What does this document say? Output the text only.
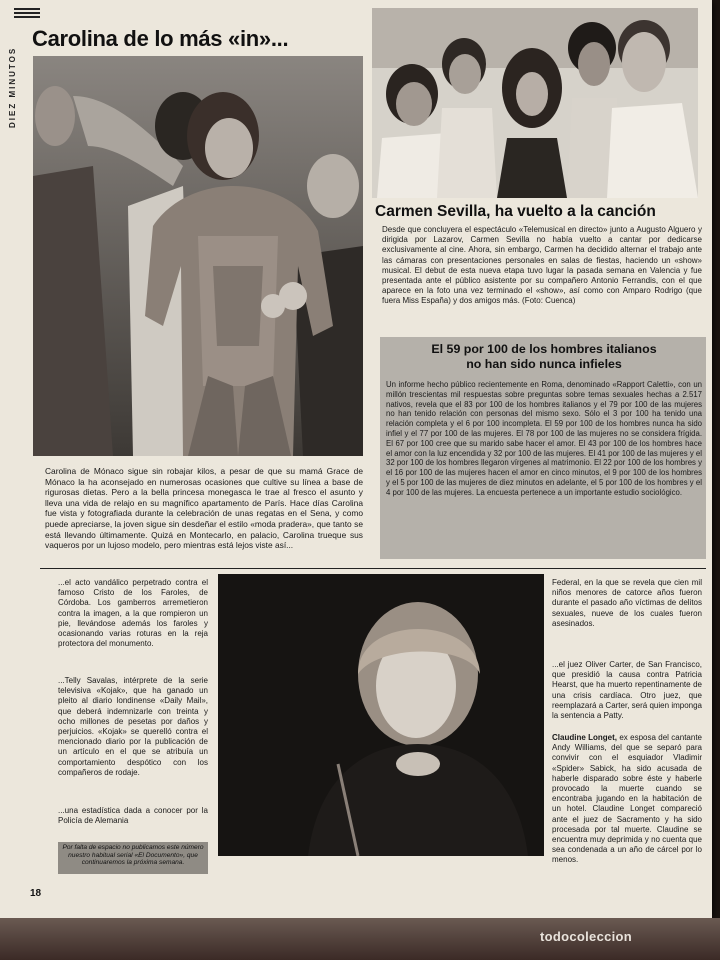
DIEZ MINUTOS
Carolina de lo más «in»...
Carolina de Mónaco sigue sin robajar kilos, a pesar de que su mamá Grace de Mónaco la ha aconsejado en numerosas ocasiones que cultive su línea a base de rigurosas dietas. Pero a la bella princesa monegasca le trae al fresco el asunto y lleva una vida de relajo en su magnífico apartamento de París. Hace días Carolina fue vista y fotografiada durante la celebración de unas regatas en el Sena, y como puede apreciarse, la joven sigue sin desdeñar el estilo «moda pradera», que tanto se está llevando últimamente. Quizá en Montecarlo, en palacio, Carolina trueque sus vaqueros por un lujoso modelo, pero mientras está lejos viste así...
Carmen Sevilla, ha vuelto a la canción
Desde que concluyera el espectáculo «Telemusical en directo» junto a Augusto Alguero y dirigida por Lazarov, Carmen Sevilla no había vuelto a cantar por dedicarse exclusivamente al cine. Ahora, sin embargo, Carmen ha decidido alternar el trabajo ante las cámaras con presentaciones personales en salas de fiestas, haciendo un «show» musical. El debut de esta nueva etapa tuvo lugar la pasada semana en Valencia y fue presentada ante el público asistente por su compañero Antonio Ferrandis, con el que aparece en la foto una vez terminado el «show», así como con Amparo Rodrigo (que fuera Miss España) y dos amigos más. (Foto: Cuenca)
El 59 por 100 de los hombres italianos
no han sido nunca infieles
Un informe hecho público recientemente en Roma, denominado «Rapport Caletti», con un millón trescientas mil respuestas sobre preguntas sobre temas sexuales hechas a 2.517 nativos, revela que el 83 por 100 de los hombres italianos y el 79 por 100 de las mujeres no han tenido relación con personas del mismo sexo. Sólo el 3 por 100 ha tenido una relación completa y el 6 por 100 incompleta. El 59 por 100 de los hombres nunca ha sido infiel y el 77 por 100 de las mujeres. El 78 por 100 de las mujeres no se considera frígida. El 67 por 100 cree que su marido sabe hacer el amor. El 43 por 100 de los hombres hace el amor con la luz encendida y 32 por 100 de las mujeres. El 41 por 100 de las mujeres y el 32 por 100 de los hombres llegaron vírgenes al matrimonio. El 22 por 100 de los hombres y el 16 por 100 de las mujeres hacen el amor en cinco minutos, el 9 por 100 de los hombres y el 5 por 100 de las mujeres de diez minutos en adelante, el 5 por 100 de los hombres y el 4 por 100 de las mujeres. La encuesta pertenece a un importante estudio sociológico.
...el acto vandálico perpetrado contra el famoso Cristo de los Faroles, de Córdoba. Los gamberros arremetieron contra la imagen, a la que rompieron un pie, llevándose además los faroles y ocasionando varias roturas en la reja protectora del monumento.
...Telly Savalas, intérprete de la serie televisiva «Kojak», que ha ganado un pleito al diario londinense «Daily Mail», que deberá indemnizarle con treinta y ocho millones de pesetas por daños y perjuicios. «Kojak» se querelló contra el mencionado diario por la publicación de un artículo en el que se atribuía un comportamiento despótico con los compañeros de rodaje.
...una estadística dada a conocer por la Policía de Alemania
Por falta de espacio no publicamos este número nuestro habitual serial «El Documento», que continuaremos la próxima semana.
Federal, en la que se revela que cien mil niños menores de catorce años fueron durante el pasado año víctimas de delitos sexuales, nueve de los cuales fueron asesinados.
...el juez Oliver Carter, de San Francisco, que presidió la causa contra Patricia Hearst, que ha muerto repentinamente de una crisis cardíaca. Otro juez, que reemplazará a Carter, será quien imponga la sentencia a Patty.
Claudine Longet, ex esposa del cantante Andy Williams, del que se separó para convivir con el esquiador Vladimir «Spider» Sabick, ha sido acusada de haberle disparado sobre éste y haberle provocado la muerte cuando se encontraba jugando en la habitación de un hotel. Claudine Longet compareció ante el juez de Sacramento y ha sido procesada por tal muerte. Claudine se encuentra muy deprimida y no cuenta que sea condenada a un año de cárcel por lo menos.
18
todocoleccion
